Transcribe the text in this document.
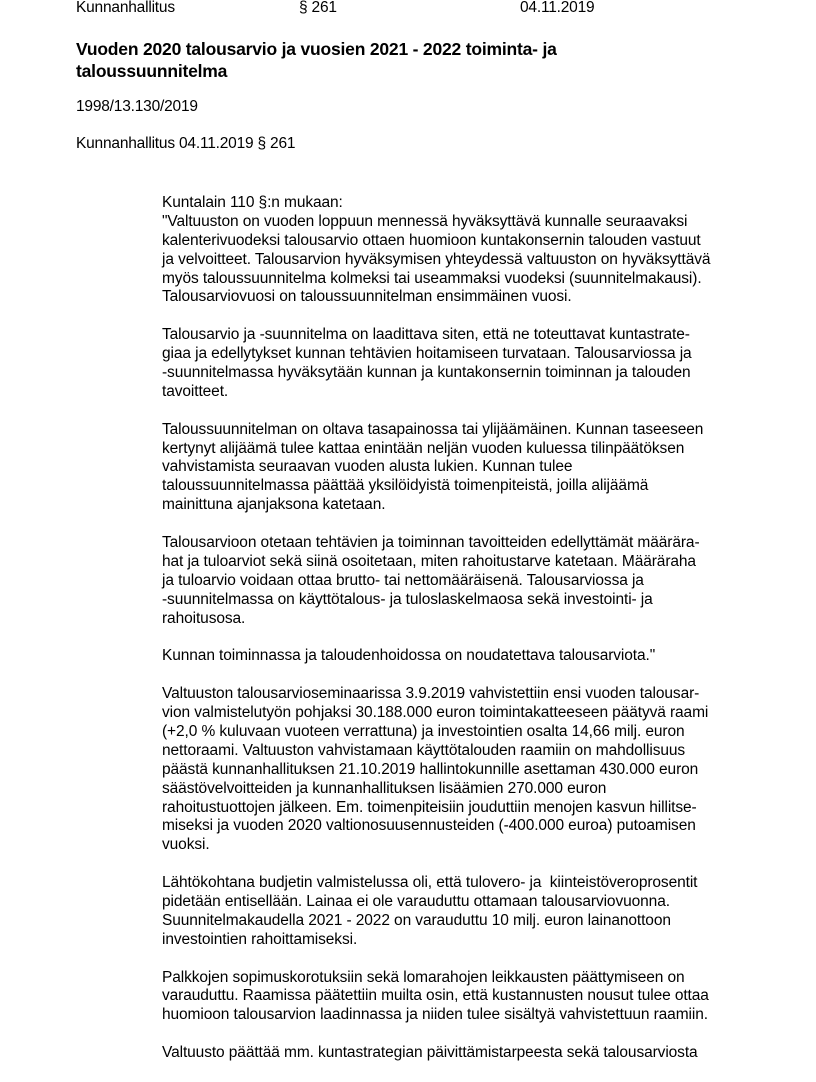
Kunnanhallitus	§ 261	04.11.2019
Vuoden 2020 talousarvio ja vuosien 2021 - 2022 toiminta- ja
taloussuunnitelma
1998/13.130/2019
Kunnanhallitus 04.11.2019 § 261
Kuntalain 110 §:n mukaan:
"Valtuuston on vuoden loppuun mennessä hyväksyttävä kunnalle seuraavaksi
kalenterivuodeksi talousarvio ottaen huomioon kuntakonsernin talouden vastuut
ja velvoitteet. Talousarvion hyväksymisen yhteydessä valtuuston on hyväksyttävä
myös taloussuunnitelma kolmeksi tai useammaksi vuodeksi (suunnitelmakausi).
Talousarviovuosi on taloussuunnitelman ensimmäinen vuosi.
Talousarvio ja -suunnitelma on laadittava siten, että ne toteuttavat kuntastrate-
giaa ja edellytykset kunnan tehtävien hoitamiseen turvataan. Talousarviossa ja
-suunnitelmassa hyväksytään kunnan ja kuntakonsernin toiminnan ja talouden
tavoitteet.
Taloussuunnitelman on oltava tasapainossa tai ylijäämäinen. Kunnan taseeseen
kertynyt alijäämä tulee kattaa enintään neljän vuoden kuluessa tilinpäätöksen
vahvistamista seuraavan vuoden alusta lukien. Kunnan tulee
taloussuunnitelmassa päättää yksilöidyistä toimenpiteistä, joilla alijäämä
mainittuna ajanjaksona katetaan.
Talousarvioon otetaan tehtävien ja toiminnan tavoitteiden edellyttämät määrära-
hat ja tuloarviot sekä siinä osoitetaan, miten rahoitustarve katetaan. Määräraha
ja tuloarvio voidaan ottaa brutto- tai nettomääräisenä. Talousarviossa ja
-suunnitelmassa on käyttötalous- ja tuloslaskelmaosa sekä investointi- ja
rahoitusosa.
Kunnan toiminnassa ja taloudenhoidossa on noudatettava talousarviota."
Valtuuston talousarvioseminaarissa 3.9.2019 vahvistettiin ensi vuoden talousar-
vion valmistelutyön pohjaksi 30.188.000 euron toimintakatteeseen päätyvä raami
(+2,0 % kuluvaan vuoteen verrattuna) ja investointien osalta 14,66 milj. euron
nettoraami. Valtuuston vahvistamaan käyttötalouden raamiin on mahdollisuus
päästä kunnanhallituksen 21.10.2019 hallintokunnille asettaman 430.000 euron
säästövelvoitteiden ja kunnanhallituksen lisäämien 270.000 euron
rahoitustuottojen jälkeen. Em. toimenpiteisiin jouduttiin menojen kasvun hillitse-
miseksi ja vuoden 2020 valtionosuusennusteiden (-400.000 euroa) putoamisen
vuoksi.
Lähtökohtana budjetin valmistelussa oli, että tulovero- ja  kiinteistöveroprosentit
pidetään entisellään. Lainaa ei ole varauduttu ottamaan talousarviovuonna.
Suunnitelmakaudella 2021 - 2022 on varauduttu 10 milj. euron lainanottoon
investointien rahoittamiseksi.
Palkkojen sopimuskorotuksiin sekä lomarahojen leikkausten päättymiseen on
varauduttu. Raamissa päätettiin muilta osin, että kustannusten nousut tulee ottaa
huomioon talousarvion laadinnassa ja niiden tulee sisältyä vahvistettuun raamiin.
Valtuusto päättää mm. kuntastrategian päivittämistarpeesta sekä talousarviosta
